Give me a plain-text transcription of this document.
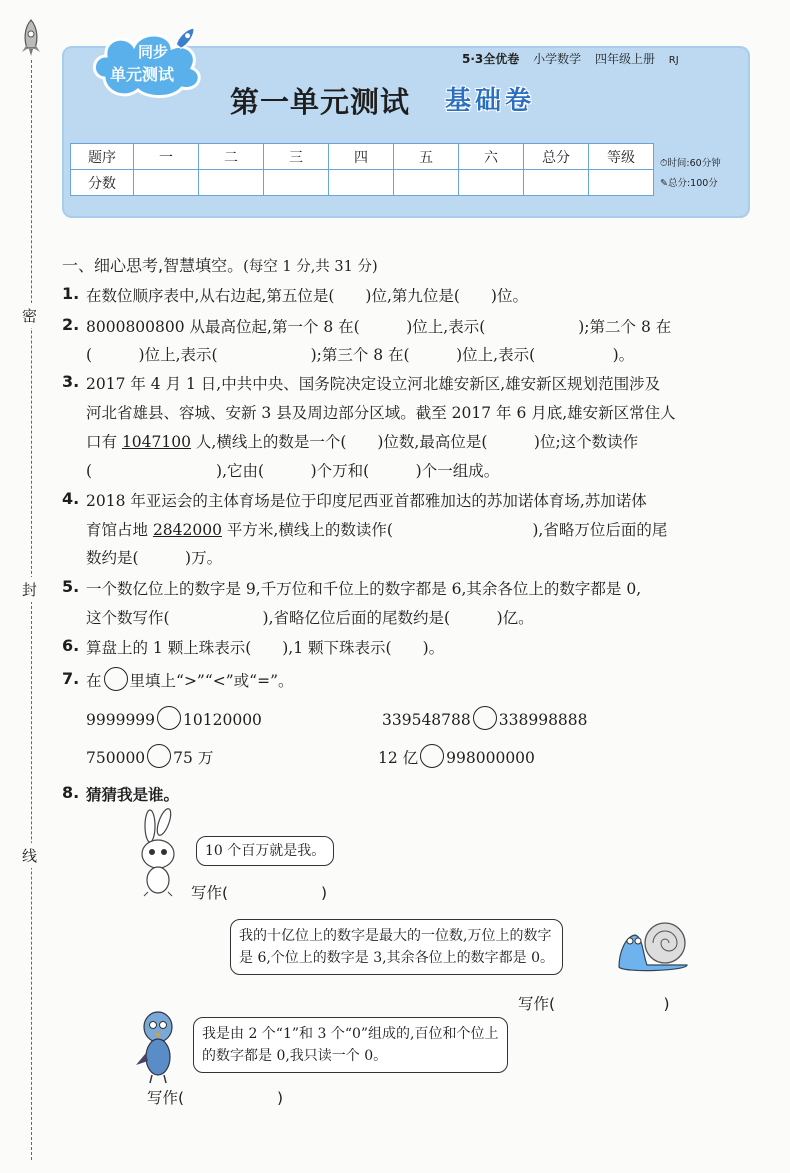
密
封
线
同步
单元测试
5·3全优卷 小学数学 四年级上册 RJ
第一单元测试 基础卷
题序	一	二	三	四	五	六	总分	等级
分数								
⏱时间:60分钟
✎总分:100分
一、细心思考,智慧填空。(每空 1 分,共 31 分)
1. 在数位顺序表中,从右边起,第五位是(　　)位,第九位是(　　)位。
2. 8000800800 从最高位起,第一个 8 在(　　　)位上,表示(　　　　　　);第二个 8 在
(　　　)位上,表示(　　　　　　);第三个 8 在(　　　)位上,表示(　　　　　)。
3. 2017 年 4 月 1 日,中共中央、国务院决定设立河北雄安新区,雄安新区规划范围涉及
河北省雄县、容城、安新 3 县及周边部分区域。截至 2017 年 6 月底,雄安新区常住人
口有 1047100 人,横线上的数是一个(　　)位数,最高位是(　　　)位;这个数读作
(　　　　　　　　),它由(　　　)个万和(　　　)个一组成。
4. 2018 年亚运会的主体育场是位于印度尼西亚首都雅加达的苏加诺体育场,苏加诺体
育馆占地 2842000 平方米,横线上的数读作(　　　　　　　　　),省略万位后面的尾
数约是(　　　)万。
5. 一个数亿位上的数字是 9,千万位和千位上的数字都是 6,其余各位上的数字都是 0,
这个数写作(　　　　　　),省略亿位后面的尾数约是(　　　)亿。
6. 算盘上的 1 颗上珠表示(　　),1 颗下珠表示(　　)。
7. 在 里填上“>”“<”或“=”。
9999999 10120000	339548788 338998888
750000 75 万	12 亿 998000000
8. 猜猜我是谁。
10 个百万就是我。
写作(　　　　　　)
我的十亿位上的数字是最大的一位数,万位上的数字
是 6,个位上的数字是 3,其余各位上的数字都是 0。
写作(　　　　　　　)
我是由 2 个“1”和 3 个“0”组成的,百位和个位上
的数字都是 0,我只读一个 0。
写作(　　　　　　)
